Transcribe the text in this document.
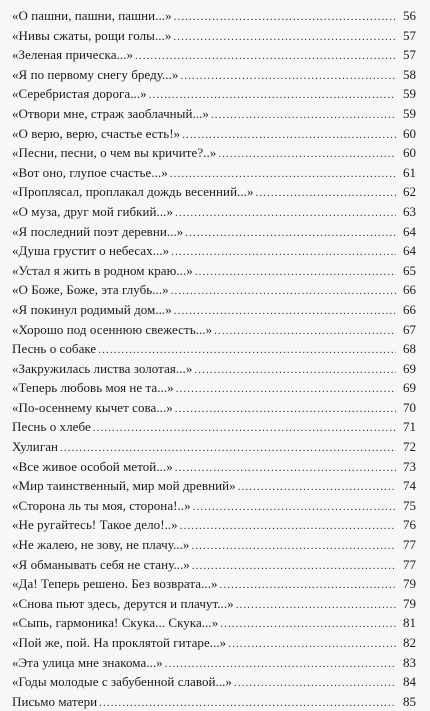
«О пашни, пашни, пашни...» .....	56
«Нивы сжаты, рощи голы...» .....	57
«Зеленая прическа...» .....	57
«Я по первому снегу бреду...» .....	58
«Серебристая дорога...» .....	59
«Отвори мне, страж заоблачный...» .....	59
«О верю, верю, счастье есть!» .....	60
«Песни, песни, о чем вы кричите?..» .....	60
«Вот оно, глупое счастье...» .....	61
«Проплясал, проплакал дождь весенний...» .....	62
«О муза, друг мой гибкий...» .....	63
«Я последний поэт деревни...» .....	64
«Душа грустит о небесах...» .....	64
«Устал я жить в родном краю...» .....	65
«О Боже, Боже, эта глубь...» .....	66
«Я покинул родимый дом...» .....	66
«Хорошо под осеннюю свежесть...» .....	67
Песнь о собаке .....	68
«Закружилась листва золотая...» .....	69
«Теперь любовь моя не та...» .....	69
«По-осеннему кычет сова...» .....	70
Песнь о хлебе .....	71
Хулиган .....	72
«Все живое особой метой...» .....	73
«Мир таинственный, мир мой древний» .....	74
«Сторона ль ты моя, сторона!..» .....	75
«Не ругайтесь! Такое дело!..» .....	76
«Не жалею, не зову, не плачу...» .....	77
«Я обманывать себя не стану...» .....	77
«Да! Теперь решено. Без возврата...» .....	79
«Снова пьют здесь, дерутся и плачут...» .....	79
«Сыпь, гармоника! Скука... Скука...» .....	81
«Пой же, пой. На проклятой гитаре...» .....	82
«Эта улица мне знакома...» .....	83
«Годы молодые с забубенной славой...» .....	84
Письмо матери .....	85
